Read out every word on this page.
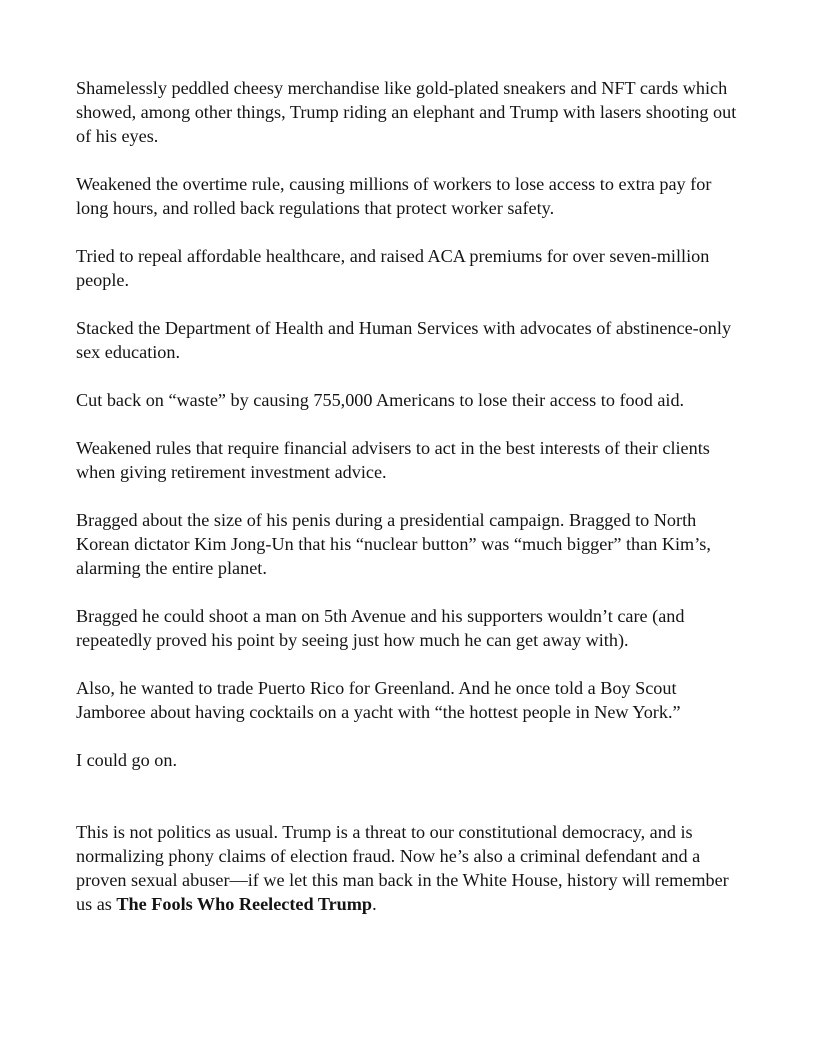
Shamelessly peddled cheesy merchandise like gold-plated sneakers and NFT cards which showed, among other things, Trump riding an elephant and Trump with lasers shooting out of his eyes.

Weakened the overtime rule, causing millions of workers to lose access to extra pay for long hours, and rolled back regulations that protect worker safety.

Tried to repeal affordable healthcare, and raised ACA premiums for over seven-million people.

Stacked the Department of Health and Human Services with advocates of abstinence-only sex education.

Cut back on “waste” by causing 755,000 Americans to lose their access to food aid.

Weakened rules that require financial advisers to act in the best interests of their clients when giving retirement investment advice.

Bragged about the size of his penis during a presidential campaign. Bragged to North Korean dictator Kim Jong-Un that his “nuclear button” was “much bigger” than Kim’s, alarming the entire planet.

Bragged he could shoot a man on 5th Avenue and his supporters wouldn’t care (and repeatedly proved his point by seeing just how much he can get away with).

Also, he wanted to trade Puerto Rico for Greenland. And he once told a Boy Scout Jamboree about having cocktails on a yacht with “the hottest people in New York.”

I could go on.

This is not politics as usual. Trump is a threat to our constitutional democracy, and is normalizing phony claims of election fraud. Now he’s also a criminal defendant and a proven sexual abuser—if we let this man back in the White House, history will remember us as The Fools Who Reelected Trump.
